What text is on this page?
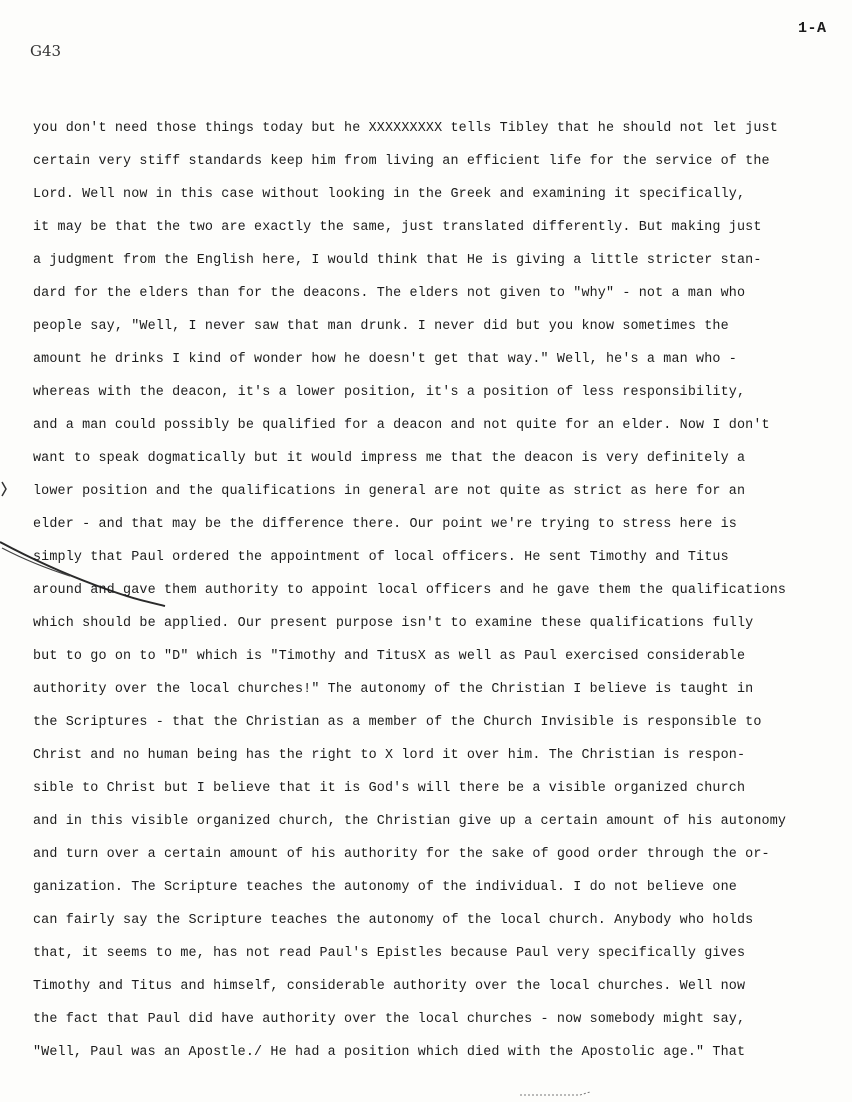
1-A
G43
you don't need those things today but he XXXXXXXXX tells Tibley that he should not let just
certain very stiff standards keep him from living an efficient life for the service of the
Lord. Well now in this case without looking in the Greek and examining it specifically,
it may be that the two are exactly the same, just translated differently. But making just
a judgment from the English here, I would think that He is giving a little stricter stan-
dard for the elders than for the deacons. The elders not given to "why" - not a man who
people say, "Well, I never saw that man drunk. I never did but you know sometimes the
amount he drinks I kind of wonder how he doesn't get that way." Well, he's a man who -
whereas with the deacon, it's a lower position, it's a position of less responsibility,
and a man could possibly be qualified for a deacon and not quite for an elder. Now I don't
want to speak dogmatically but it would impress me that the deacon is very definitely a
lower position and the qualifications in general are not quite as strict as here for an
elder - and that may be the difference there. Our point we're trying to stress here is
simply that Paul ordered the appointment of local officers. He sent Timothy and Titus
around and gave them authority to appoint local officers and he gave them the qualifications
which should be applied. Our present purpose isn't to examine these qualifications fully
but to go on to "D" which is "Timothy and TitusX as well as Paul exercised considerable
authority over the local churches!" The autonomy of the Christian I believe is taught in
the Scriptures - that the Christian as a member of the Church Invisible is responsible to
Christ and no human being has the right to X lord it over him. The Christian is respon-
sible to Christ but I believe that it is God's will there be a visible organized church
and in this visible organized church, the Christian give up a certain amount of his autonomy
and turn over a certain amount of his authority for the sake of good order through the or-
ganization. The Scripture teaches the autonomy of the individual. I do not believe one
can fairly say the Scripture teaches the autonomy of the local church. Anybody who holds
that, it seems to me, has not read Paul's Epistles because Paul very specifically gives
Timothy and Titus and himself, considerable authority over the local churches. Well now
the fact that Paul did have authority over the local churches - now somebody might say,
"Well, Paul was an Apostle./ He had a position which died with the Apostolic age." That
